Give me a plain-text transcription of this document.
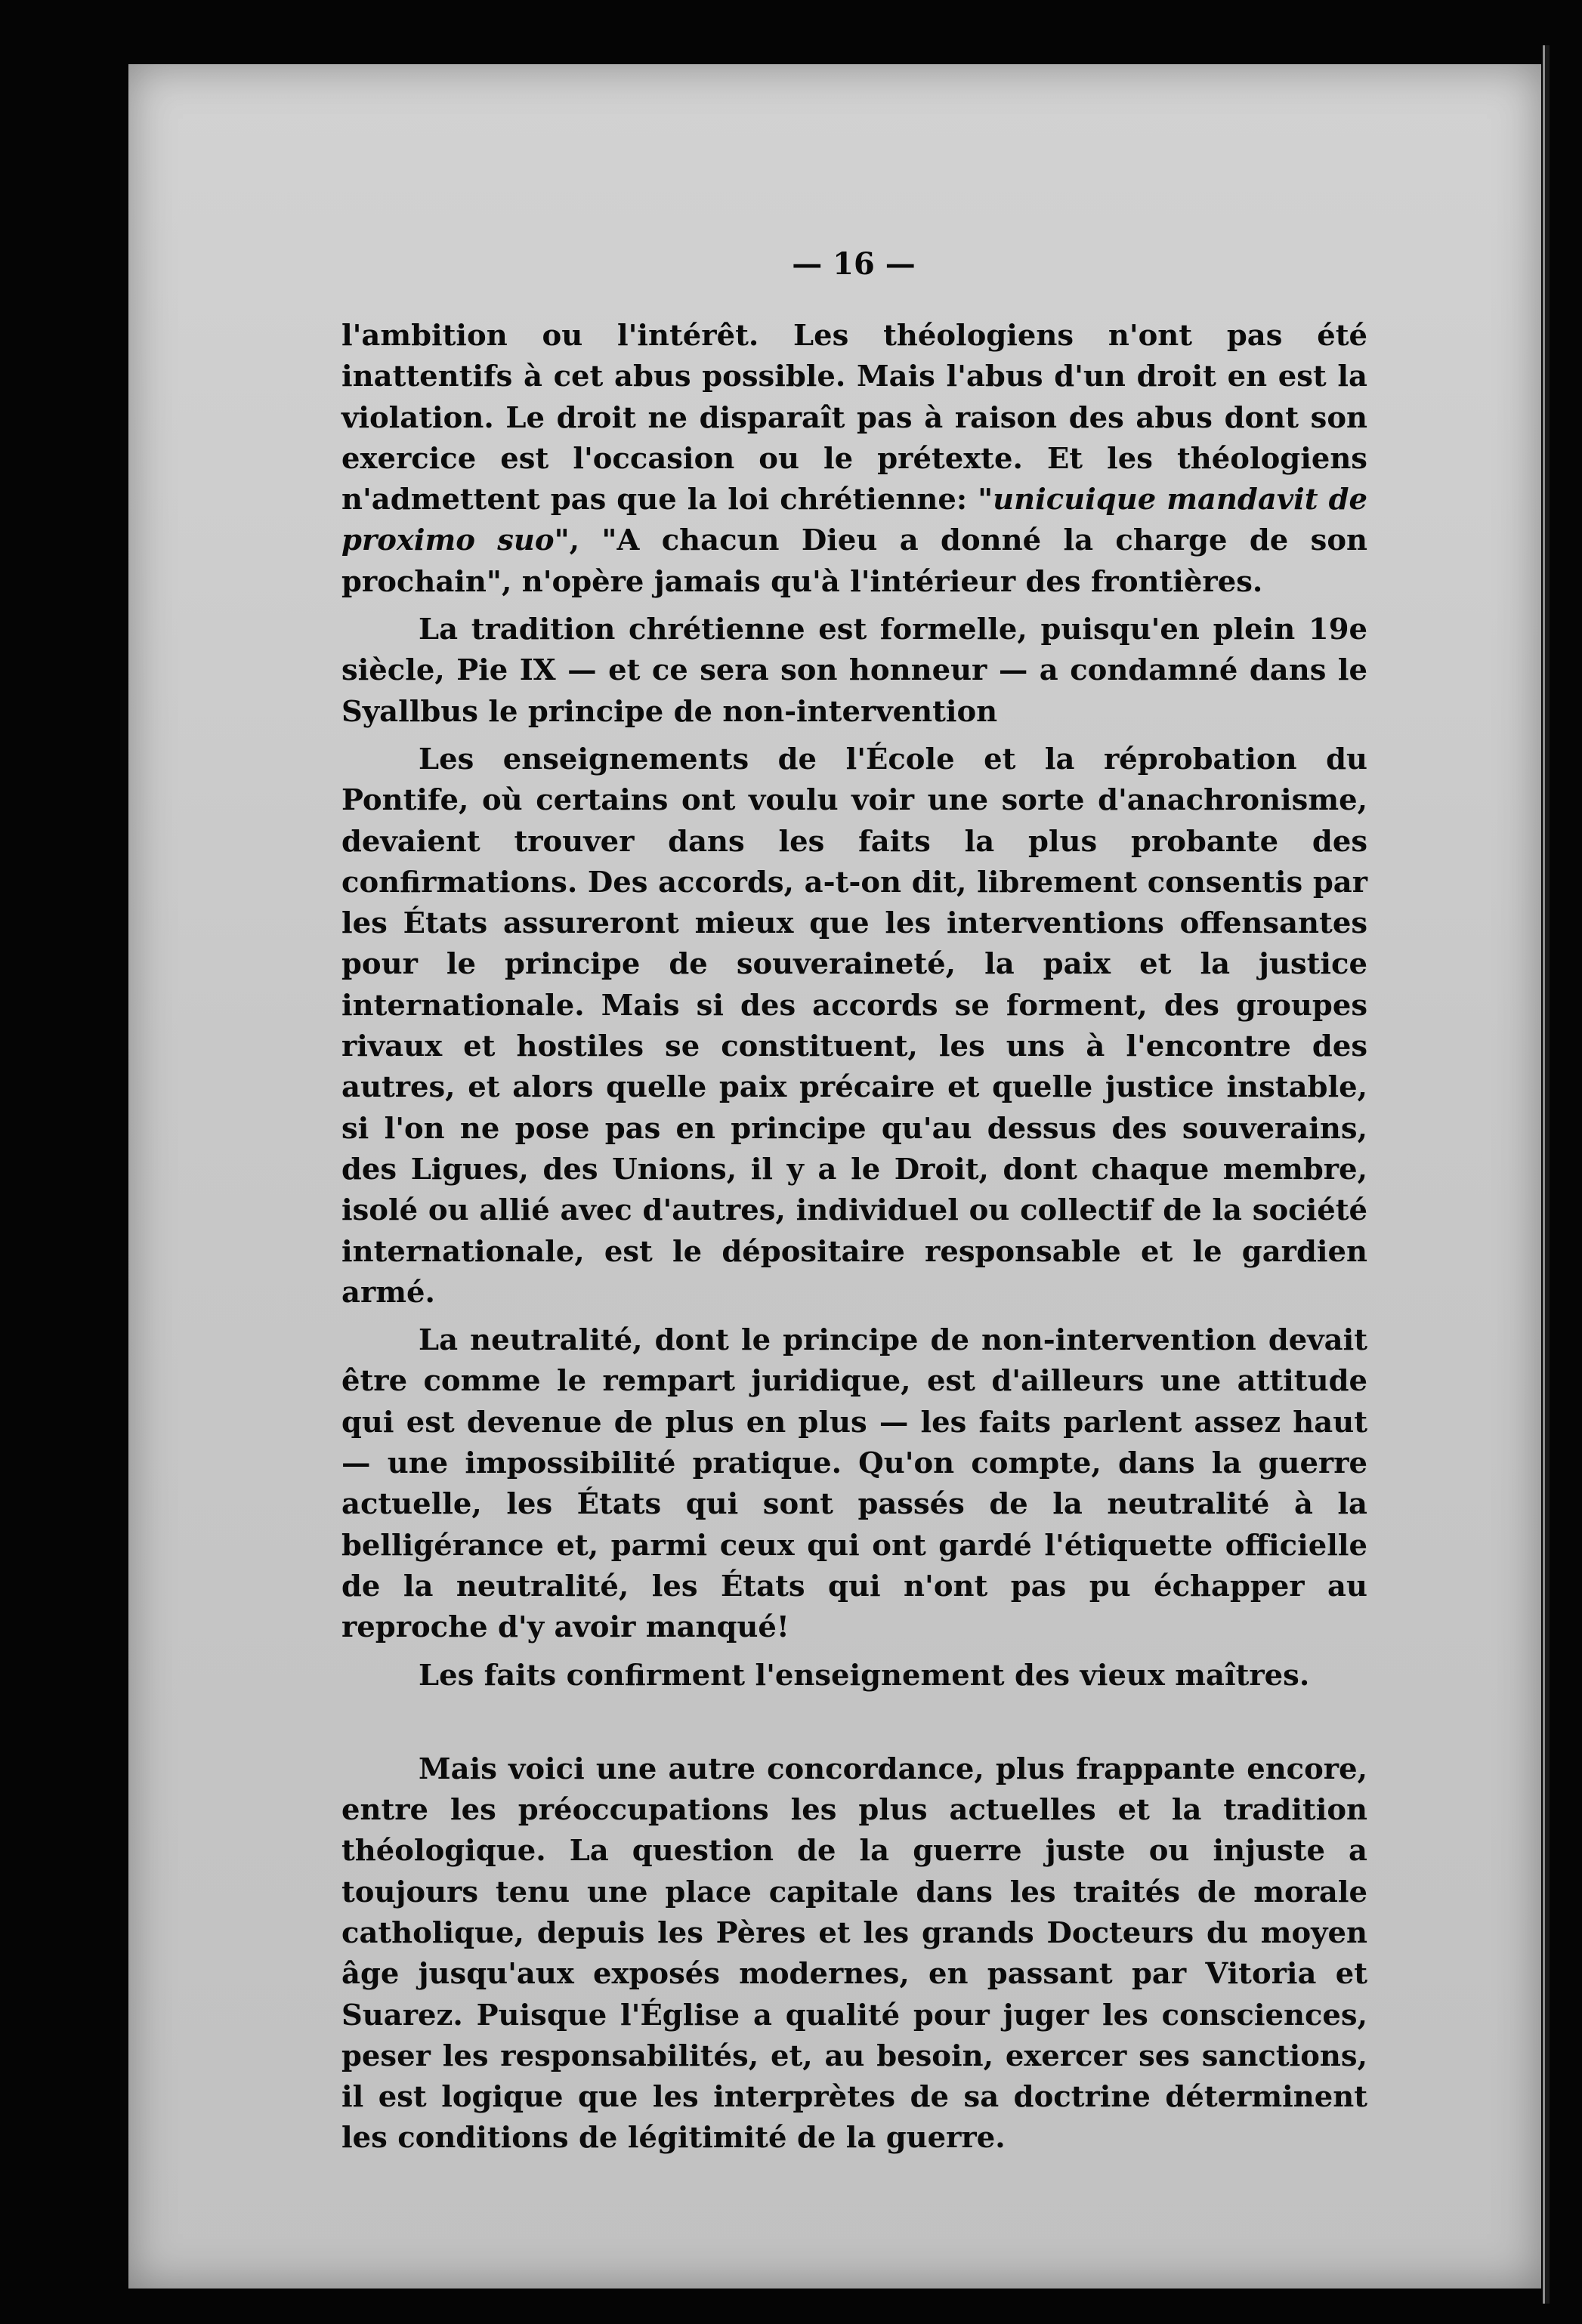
— 16 —

l'ambition ou l'intérêt. Les théologiens n'ont pas été inattentifs à cet abus possible. Mais l'abus d'un droit en est la violation. Le droit ne disparaît pas à raison des abus dont son exercice est l'occasion ou le prétexte. Et les théologiens n'admettent pas que la loi chrétienne: "unicuique mandavit de proximo suo", "A chacun Dieu a donné la charge de son prochain", n'opère jamais qu'à l'intérieur des frontières.

La tradition chrétienne est formelle, puisqu'en plein 19e siècle, Pie IX — et ce sera son honneur — a condamné dans le Syallbus le principe de non-intervention

Les enseignements de l'École et la réprobation du Pontife, où certains ont voulu voir une sorte d'anachronisme, devaient trouver dans les faits la plus probante des confirmations. Des accords, a-t-on dit, librement consentis par les États assureront mieux que les interventions offensantes pour le principe de souveraineté, la paix et la justice internationale. Mais si des accords se forment, des groupes rivaux et hostiles se constituent, les uns à l'encontre des autres, et alors quelle paix précaire et quelle justice instable, si l'on ne pose pas en principe qu'au dessus des souverains, des Ligues, des Unions, il y a le Droit, dont chaque membre, isolé ou allié avec d'autres, individuel ou collectif de la société internationale, est le dépositaire responsable et le gardien armé.

La neutralité, dont le principe de non-intervention devait être comme le rempart juridique, est d'ailleurs une attitude qui est devenue de plus en plus — les faits parlent assez haut — une impossibilité pratique. Qu'on compte, dans la guerre actuelle, les États qui sont passés de la neutralité à la belligérance et, parmi ceux qui ont gardé l'étiquette officielle de la neutralité, les États qui n'ont pas pu échapper au reproche d'y avoir manqué!

Les faits confirment l'enseignement des vieux maîtres.

Mais voici une autre concordance, plus frappante encore, entre les préoccupations les plus actuelles et la tradition théologique. La question de la guerre juste ou injuste a toujours tenu une place capitale dans les traités de morale catholique, depuis les Pères et les grands Docteurs du moyen âge jusqu'aux exposés modernes, en passant par Vitoria et Suarez. Puisque l'Église a qualité pour juger les consciences, peser les responsabilités, et, au besoin, exercer ses sanctions, il est logique que les interprètes de sa doctrine déterminent les conditions de légitimité de la guerre.
